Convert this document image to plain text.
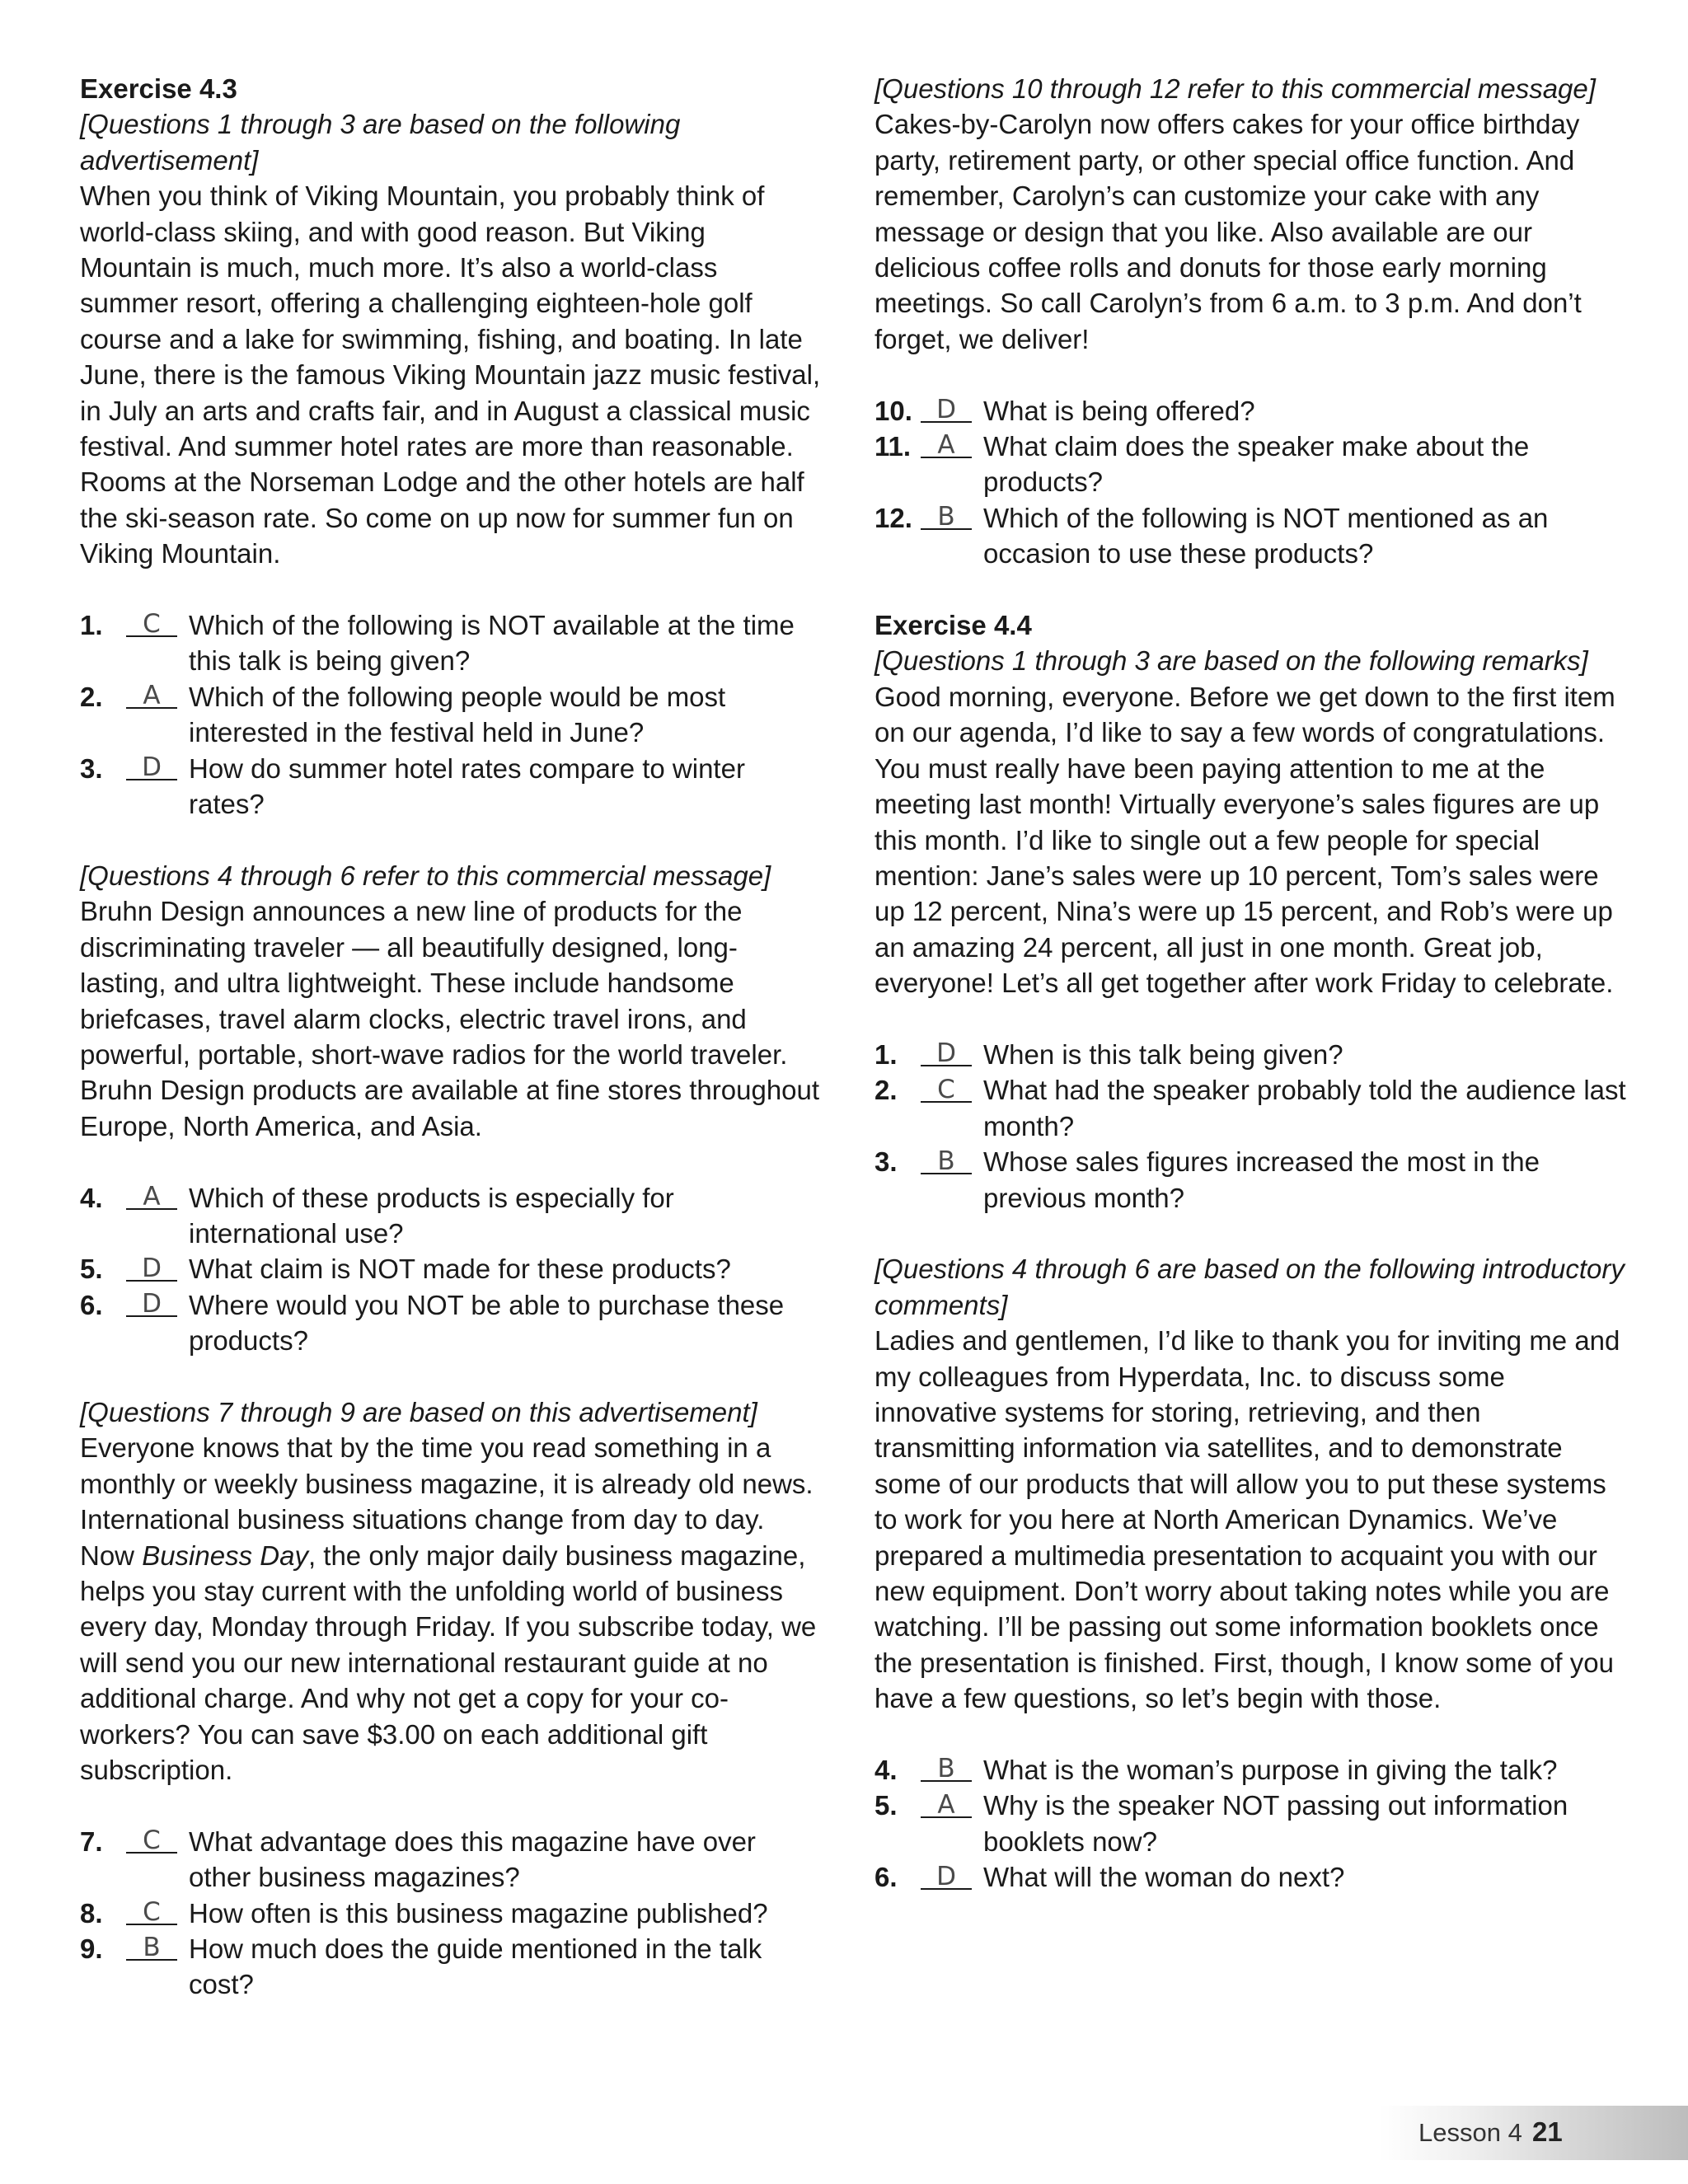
Exercise 4.3
[Questions 1 through 3 are based on the following advertisement]
When you think of Viking Mountain, you probably think of world-class skiing, and with good reason. But Viking Mountain is much, much more. It’s also a world-class summer resort, offering a challenging eighteen-hole golf course and a lake for swimming, fishing, and boating. In late June, there is the famous Viking Mountain jazz music festival, in July an arts and crafts fair, and in August a classical music festival. And summer hotel rates are more than reasonable. Rooms at the Norseman Lodge and the other hotels are half the ski-season rate. So come on up now for summer fun on Viking Mountain.
1.	C	Which of the following is NOT available at the time this talk is being given?
2.	A	Which of the following people would be most interested in the festival held in June?
3.	D	How do summer hotel rates compare to winter rates?
[Questions 4 through 6 refer to this commercial message]
Bruhn Design announces a new line of products for the discriminating traveler — all beautifully designed, long-lasting, and ultra lightweight. These include handsome briefcases, travel alarm clocks, electric travel irons, and powerful, portable, short-wave radios for the world traveler. Bruhn Design products are available at fine stores throughout Europe, North America, and Asia.
4.	A	Which of these products is especially for international use?
5.	D	What claim is NOT made for these products?
6.	D	Where would you NOT be able to purchase these products?
[Questions 7 through 9 are based on this advertisement]
Everyone knows that by the time you read something in a monthly or weekly business magazine, it is already old news. International business situations change from day to day. Now Business Day, the only major daily business magazine, helps you stay current with the unfolding world of business every day, Monday through Friday. If you subscribe today, we will send you our new international restaurant guide at no additional charge. And why not get a copy for your co-workers? You can save $3.00 on each additional gift subscription.
7.	C	What advantage does this magazine have over other business magazines?
8.	C	How often is this business magazine published?
9.	B	How much does the guide mentioned in the talk cost?
[Questions 10 through 12 refer to this commercial message]
Cakes-by-Carolyn now offers cakes for your office birthday party, retirement party, or other special office function. And remember, Carolyn’s can customize your cake with any message or design that you like. Also available are our delicious coffee rolls and donuts for those early morning meetings. So call Carolyn’s from 6 a.m. to 3 p.m. And don’t forget, we deliver!
10. D	What is being offered?
11.	A	What claim does the speaker make about the products?
12. B	Which of the following is NOT mentioned as an occasion to use these products?
Exercise 4.4
[Questions 1 through 3 are based on the following remarks]
Good morning, everyone. Before we get down to the first item on our agenda, I’d like to say a few words of congratulations. You must really have been paying attention to me at the meeting last month! Virtually everyone’s sales figures are up this month. I’d like to single out a few people for special mention: Jane’s sales were up 10 percent, Tom’s sales were up 12 percent, Nina’s were up 15 percent, and Rob’s were up an amazing 24 percent, all just in one month. Great job, everyone! Let’s all get together after work Friday to celebrate.
1.	D	When is this talk being given?
2.	C	What had the speaker probably told the audience last month?
3.	B	Whose sales figures increased the most in the previous month?
[Questions 4 through 6 are based on the following introductory comments]
Ladies and gentlemen, I’d like to thank you for inviting me and my colleagues from Hyperdata, Inc. to discuss some innovative systems for storing, retrieving, and then transmitting information via satellites, and to demonstrate some of our products that will allow you to put these systems to work for you here at North American Dynamics. We’ve prepared a multimedia presentation to acquaint you with our new equipment. Don’t worry about taking notes while you are watching. I’ll be passing out some information booklets once the presentation is finished. First, though, I know some of you have a few questions, so let’s begin with those.
4.	B	What is the woman’s purpose in giving the talk?
5.	A	Why is the speaker NOT passing out information booklets now?
6.	D	What will the woman do next?
Lesson 4 21
